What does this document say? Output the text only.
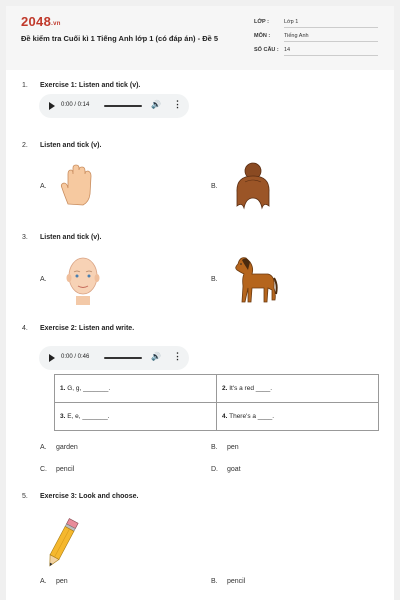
2048.vn
Đề kiểm tra Cuối kì 1 Tiếng Anh lớp 1 (có đáp án) - Đề 5
LỚP :	Lớp 1
MÔN :	Tiếng Anh
SỐ CÂU : 14
1. Exercise 1: Listen and tick (v).
0:00 / 0:14	🔊 ⋮
2. Listen and tick (v).
A.	B.
3. Listen and tick (v).
A.	B.
4. Exercise 2: Listen and write.
0:00 / 0:46	🔊 ⋮
1. G, g, _______.	2. It's a red ____.
3. E, e, _______.	4. There's a ____.
A. garden	B. pen
C. pencil	D. goat
5. Exercise 3: Look and choose.
A. pen	B. pencil
